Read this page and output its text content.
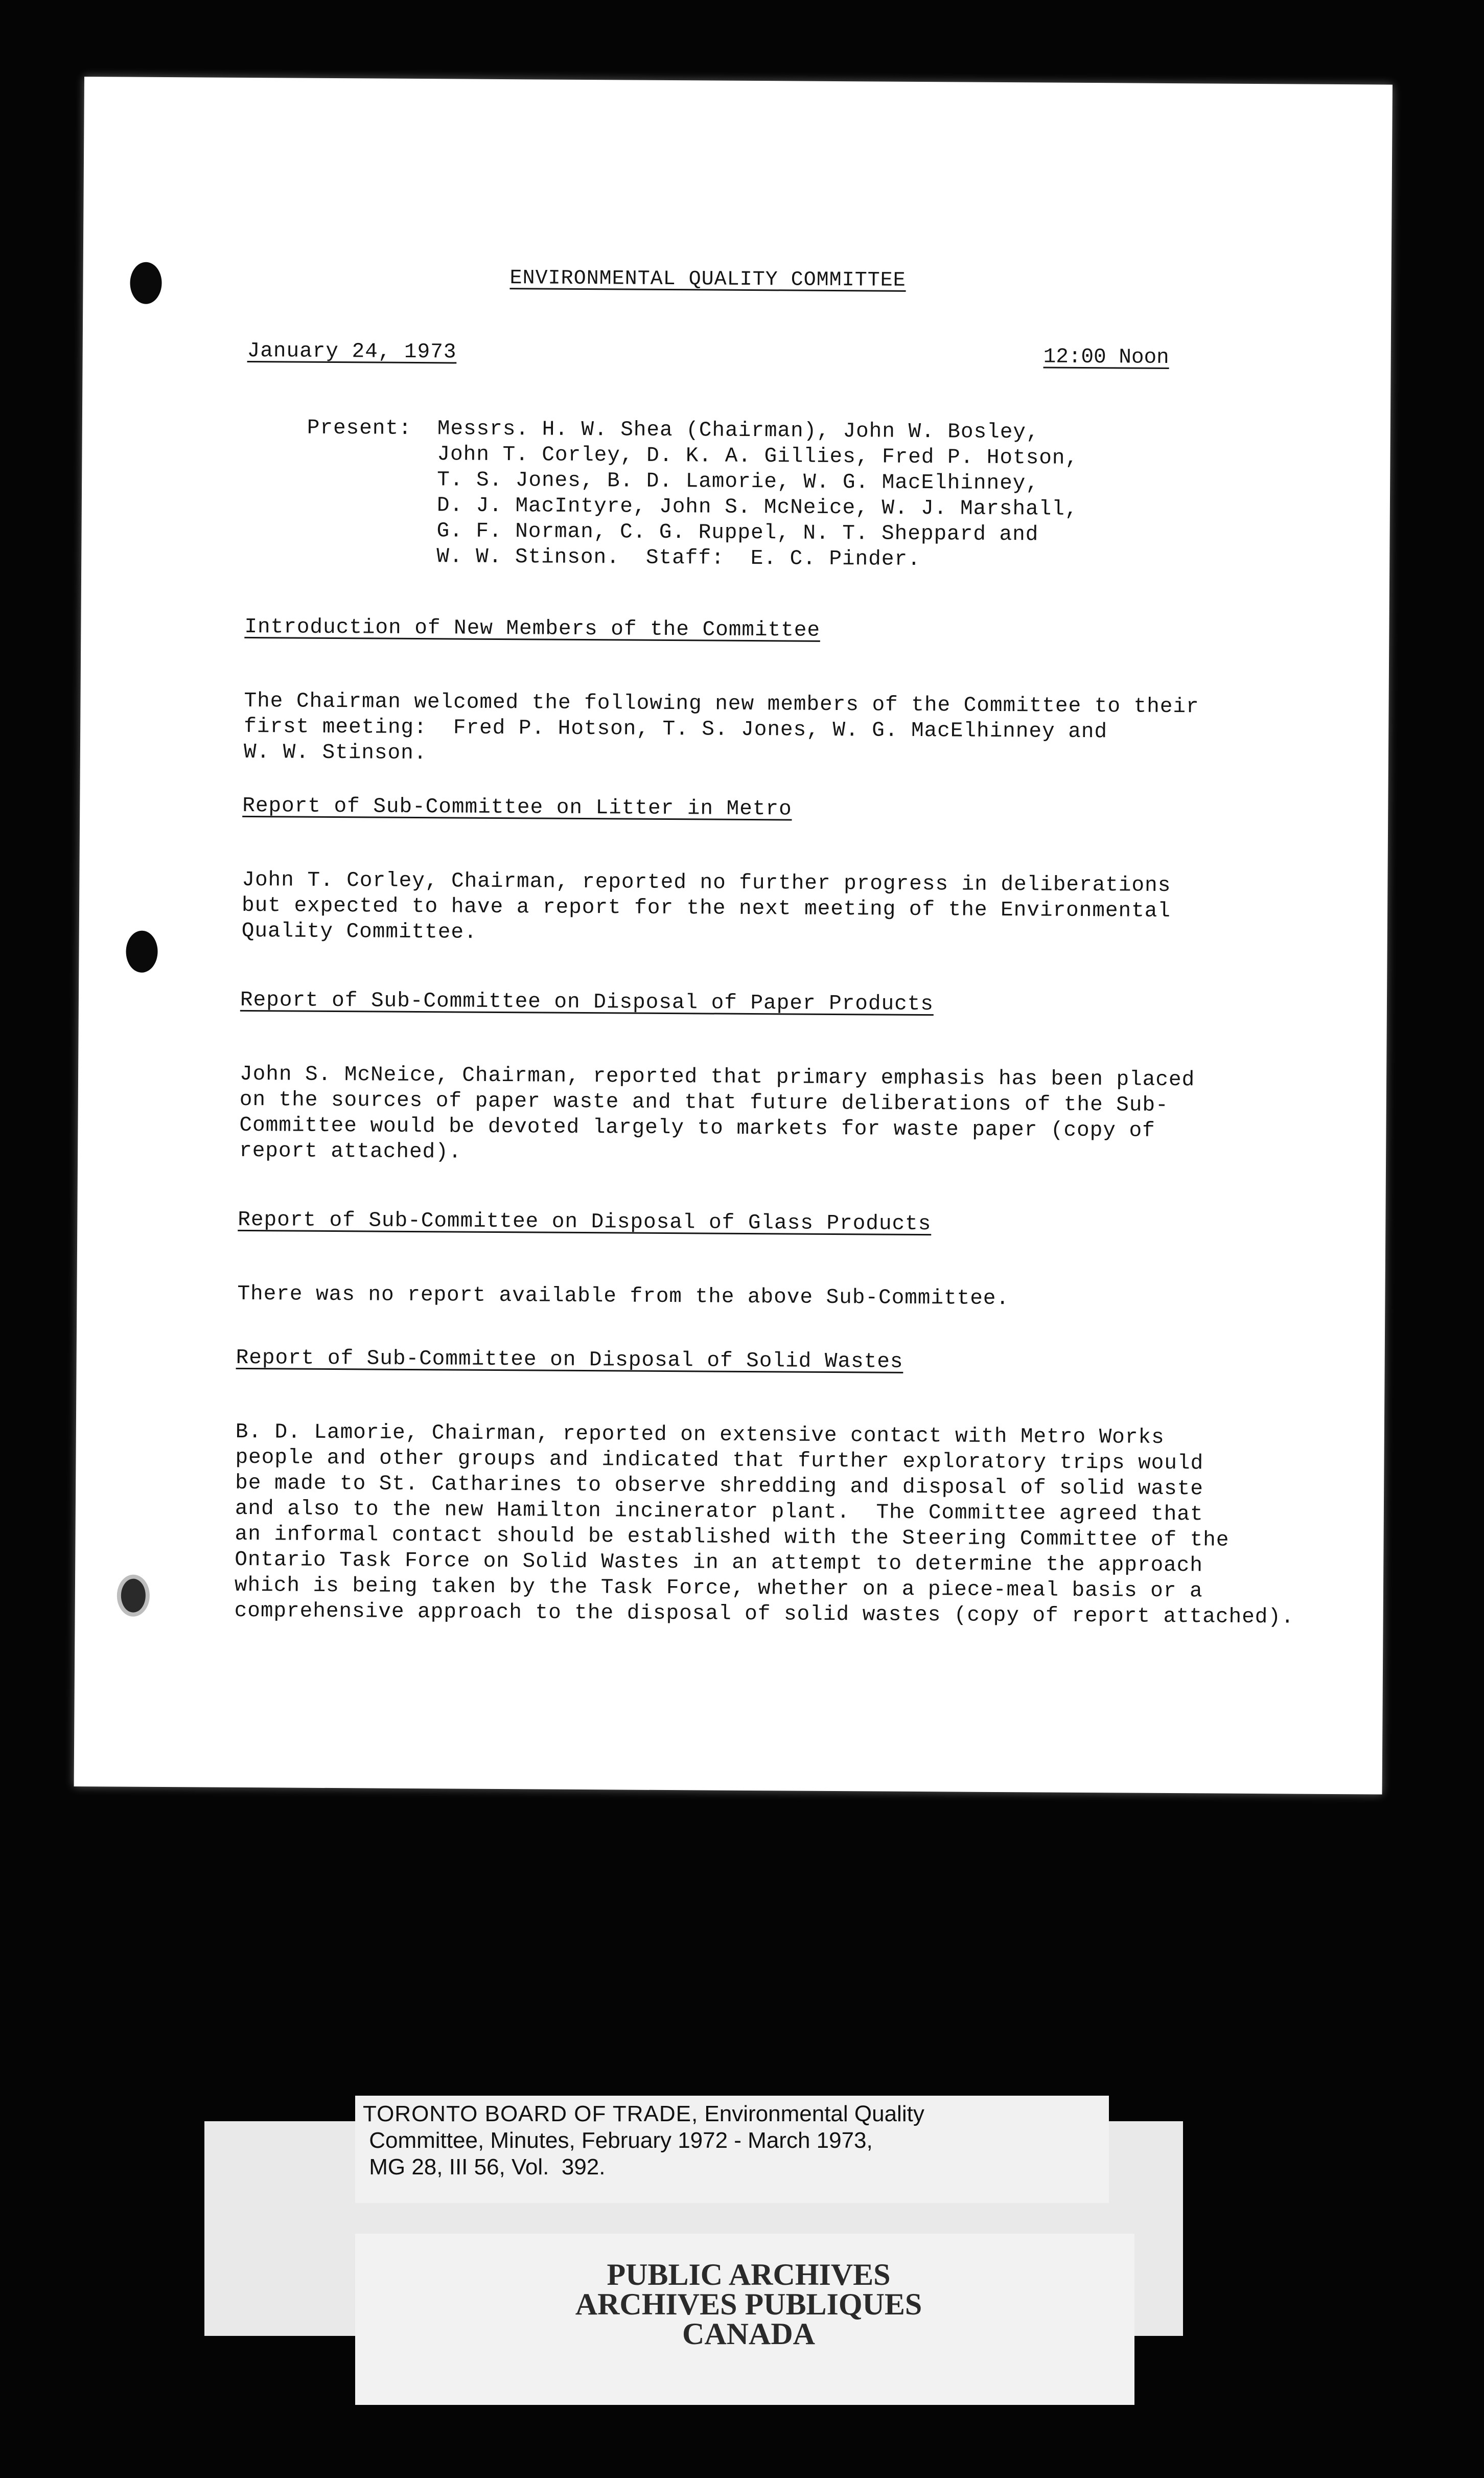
ENVIRONMENTAL QUALITY COMMITTEE
January 24, 1973	12:00 Noon
Present: Messrs. H. W. Shea (Chairman), John W. Bosley,
John T. Corley, D. K. A. Gillies, Fred P. Hotson,
T. S. Jones, B. D. Lamorie, W. G. MacElhinney,
D. J. MacIntyre, John S. McNeice, W. J. Marshall,
G. F. Norman, C. G. Ruppel, N. T. Sheppard and
W. W. Stinson.  Staff:  E. C. Pinder.
Introduction of New Members of the Committee
The Chairman welcomed the following new members of the Committee to their
first meeting:  Fred P. Hotson, T. S. Jones, W. G. MacElhinney and
W. W. Stinson.
Report of Sub-Committee on Litter in Metro
John T. Corley, Chairman, reported no further progress in deliberations
but expected to have a report for the next meeting of the Environmental
Quality Committee.
Report of Sub-Committee on Disposal of Paper Products
John S. McNeice, Chairman, reported that primary emphasis has been placed
on the sources of paper waste and that future deliberations of the Sub-
Committee would be devoted largely to markets for waste paper (copy of
report attached).
Report of Sub-Committee on Disposal of Glass Products
There was no report available from the above Sub-Committee.
Report of Sub-Committee on Disposal of Solid Wastes
B. D. Lamorie, Chairman, reported on extensive contact with Metro Works
people and other groups and indicated that further exploratory trips would
be made to St. Catharines to observe shredding and disposal of solid waste
and also to the new Hamilton incinerator plant.  The Committee agreed that
an informal contact should be established with the Steering Committee of the
Ontario Task Force on Solid Wastes in an attempt to determine the approach
which is being taken by the Task Force, whether on a piece-meal basis or a
comprehensive approach to the disposal of solid wastes (copy of report attached).
TORONTO BOARD OF TRADE, Environmental Quality
Committee, Minutes, February 1972 - March 1973,
MG 28, III 56, Vol.  392.
PUBLIC ARCHIVES
ARCHIVES PUBLIQUES
CANADA
